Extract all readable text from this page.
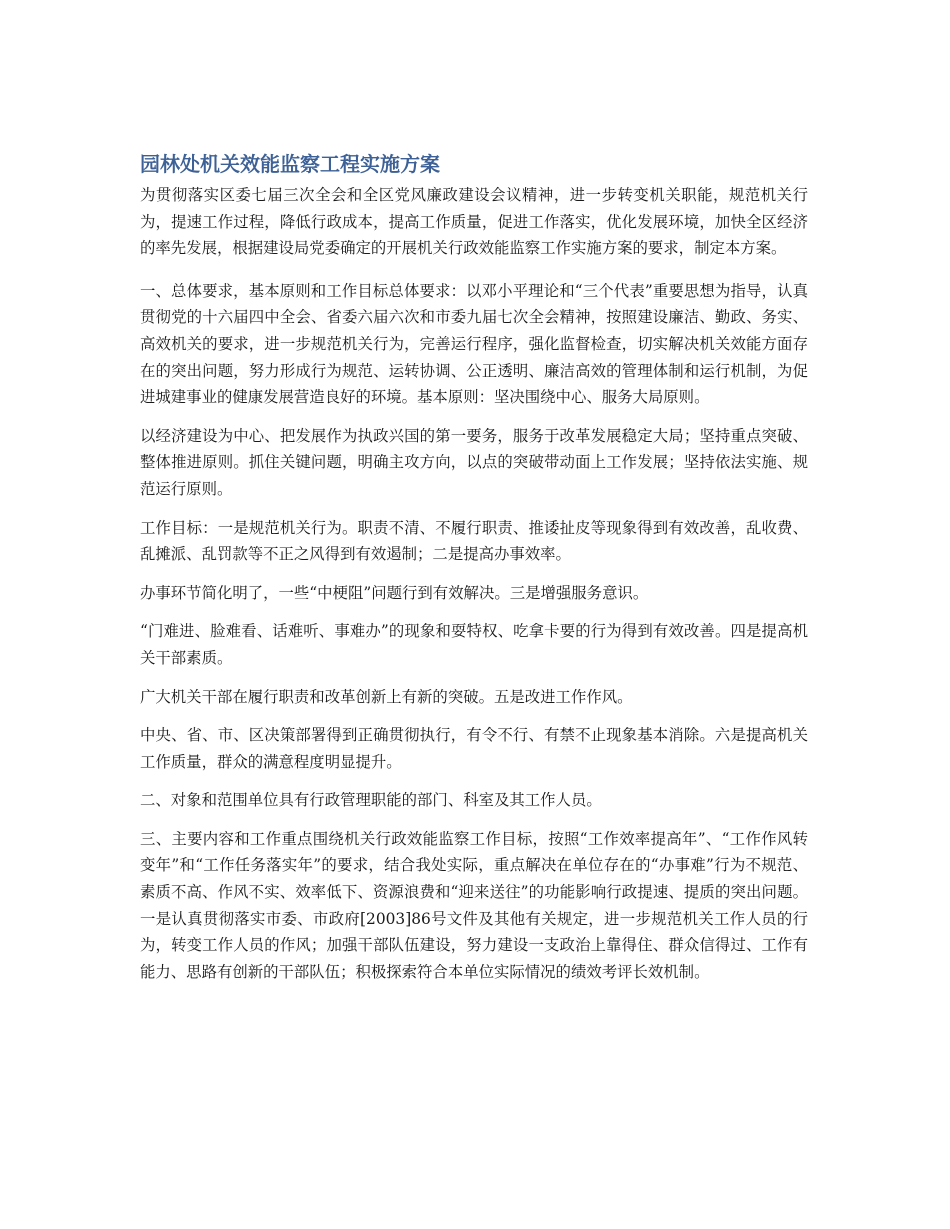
园林处机关效能监察工程实施方案

为贯彻落实区委七届三次全会和全区党风廉政建设会议精神，进一步转变机关职能，规范机关行为，提速工作过程，降低行政成本，提高工作质量，促进工作落实，优化发展环境，加快全区经济的率先发展，根据建设局党委确定的开展机关行政效能监察工作实施方案的要求，制定本方案。

一、总体要求，基本原则和工作目标总体要求：以邓小平理论和“三个代表”重要思想为指导，认真贯彻党的十六届四中全会、省委六届六次和市委九届七次全会精神，按照建设廉洁、勤政、务实、高效机关的要求，进一步规范机关行为，完善运行程序，强化监督检查，切实解决机关效能方面存在的突出问题，努力形成行为规范、运转协调、公正透明、廉洁高效的管理体制和运行机制，为促进城建事业的健康发展营造良好的环境。基本原则：坚决围绕中心、服务大局原则。

以经济建设为中心、把发展作为执政兴国的第一要务，服务于改革发展稳定大局；坚持重点突破、整体推进原则。抓住关键问题，明确主攻方向，以点的突破带动面上工作发展；坚持依法实施、规范运行原则。

工作目标：一是规范机关行为。职责不清、不履行职责、推诿扯皮等现象得到有效改善，乱收费、乱摊派、乱罚款等不正之风得到有效遏制；二是提高办事效率。

办事环节简化明了，一些“中梗阻”问题行到有效解决。三是增强服务意识。

“门难进、脸难看、话难听、事难办”的现象和耍特权、吃拿卡要的行为得到有效改善。四是提高机关干部素质。

广大机关干部在履行职责和改革创新上有新的突破。五是改进工作作风。

中央、省、市、区决策部署得到正确贯彻执行，有令不行、有禁不止现象基本消除。六是提高机关工作质量，群众的满意程度明显提升。

二、对象和范围单位具有行政管理职能的部门、科室及其工作人员。

三、主要内容和工作重点围绕机关行政效能监察工作目标，按照“工作效率提高年”、“工作作风转变年”和“工作任务落实年”的要求，结合我处实际，重点解决在单位存在的“办事难”行为不规范、素质不高、作风不实、效率低下、资源浪费和“迎来送往”的功能影响行政提速、提质的突出问题。一是认真贯彻落实市委、市政府[2003]86号文件及其他有关规定，进一步规范机关工作人员的行为，转变工作人员的作风；加强干部队伍建设，努力建设一支政治上靠得住、群众信得过、工作有能力、思路有创新的干部队伍；积极探索符合本单位实际情况的绩效考评长效机制。
